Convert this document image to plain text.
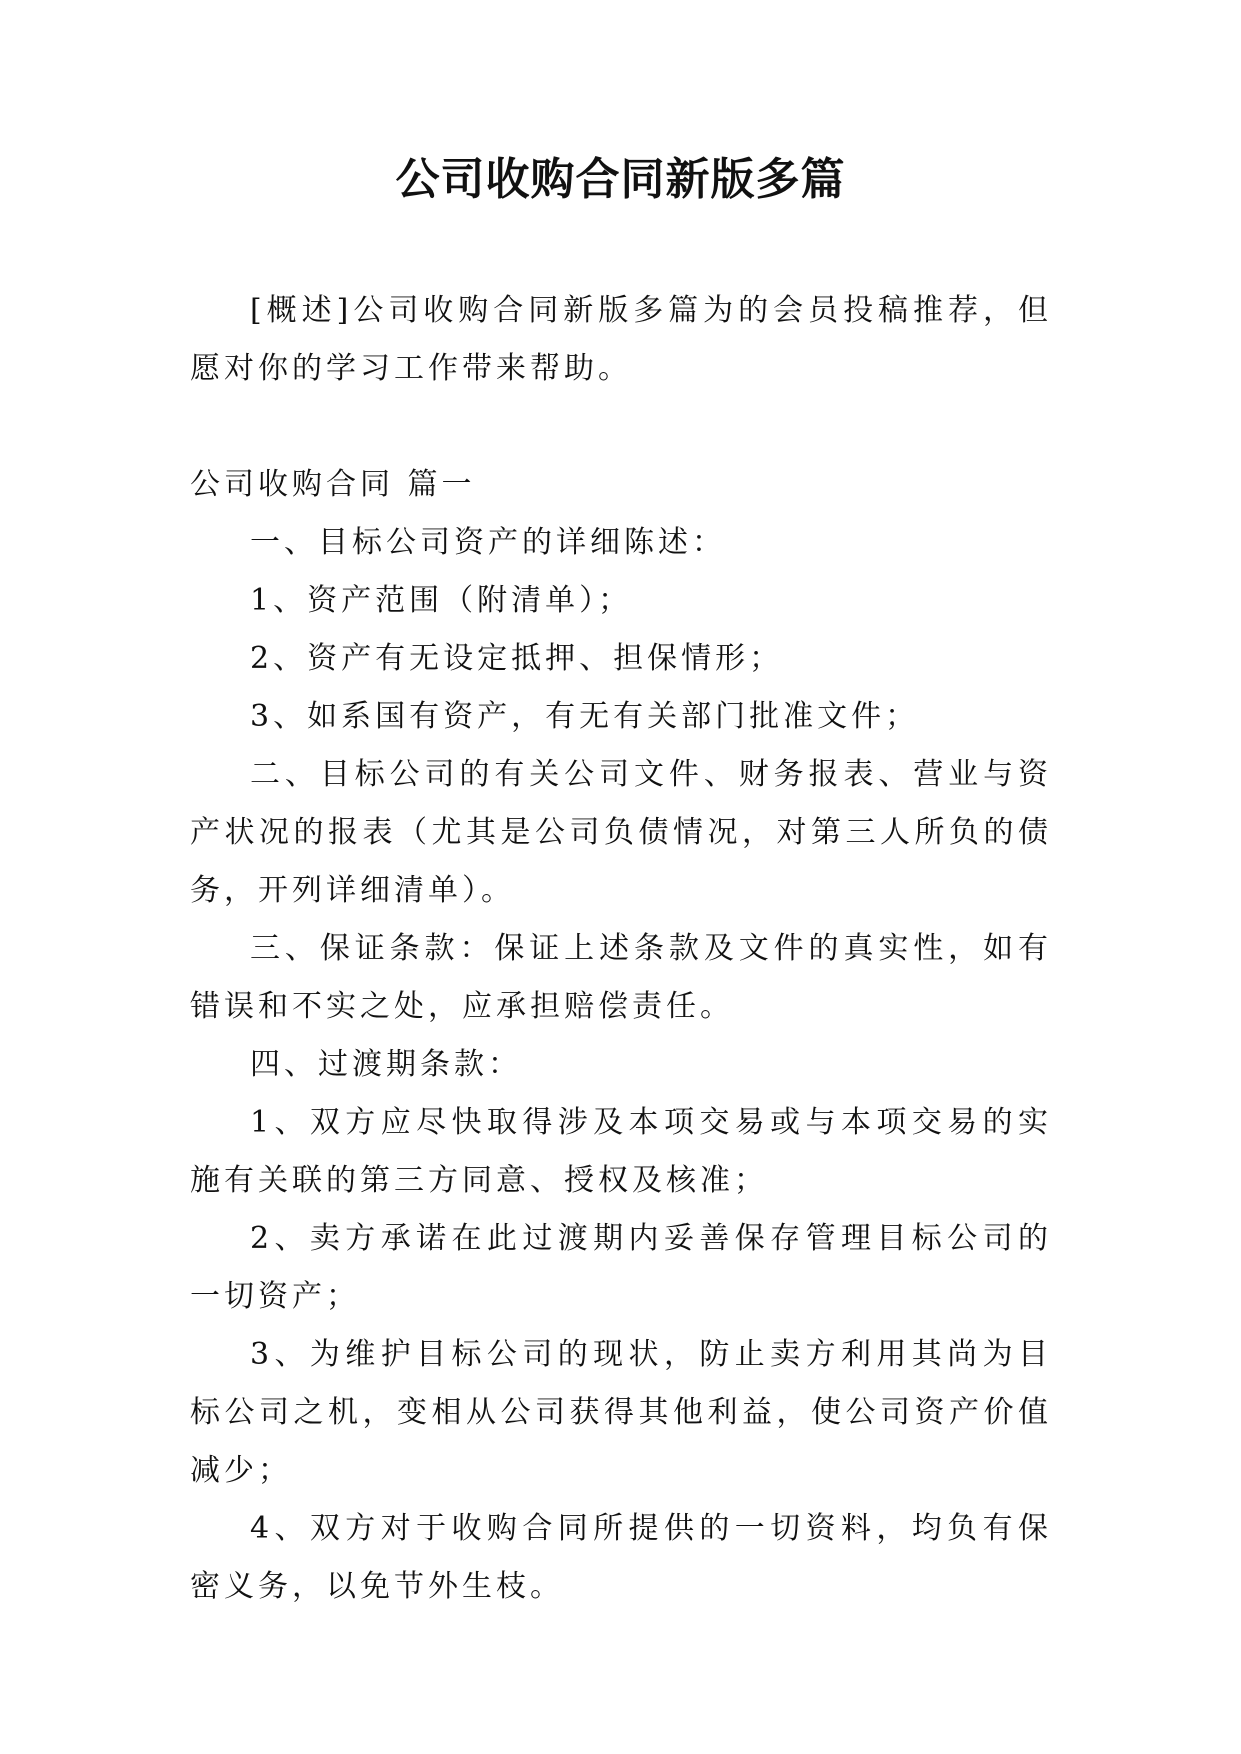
公司收购合同新版多篇

[概述]公司收购合同新版多篇为的会员投稿推荐，但愿对你的学习工作带来帮助。

公司收购合同 篇一

一、目标公司资产的详细陈述：

1、资产范围（附清单）；

2、资产有无设定抵押、担保情形；

3、如系国有资产，有无有关部门批准文件；

二、目标公司的有关公司文件、财务报表、营业与资产状况的报表（尤其是公司负债情况，对第三人所负的债务，开列详细清单）。

三、保证条款：保证上述条款及文件的真实性，如有错误和不实之处，应承担赔偿责任。

四、过渡期条款：

1、双方应尽快取得涉及本项交易或与本项交易的实施有关联的第三方同意、授权及核准；

2、卖方承诺在此过渡期内妥善保存管理目标公司的一切资产；

3、为维护目标公司的现状，防止卖方利用其尚为目标公司之机，变相从公司获得其他利益，使公司资产价值减少；

4、双方对于收购合同所提供的一切资料，均负有保密义务，以免节外生枝。
